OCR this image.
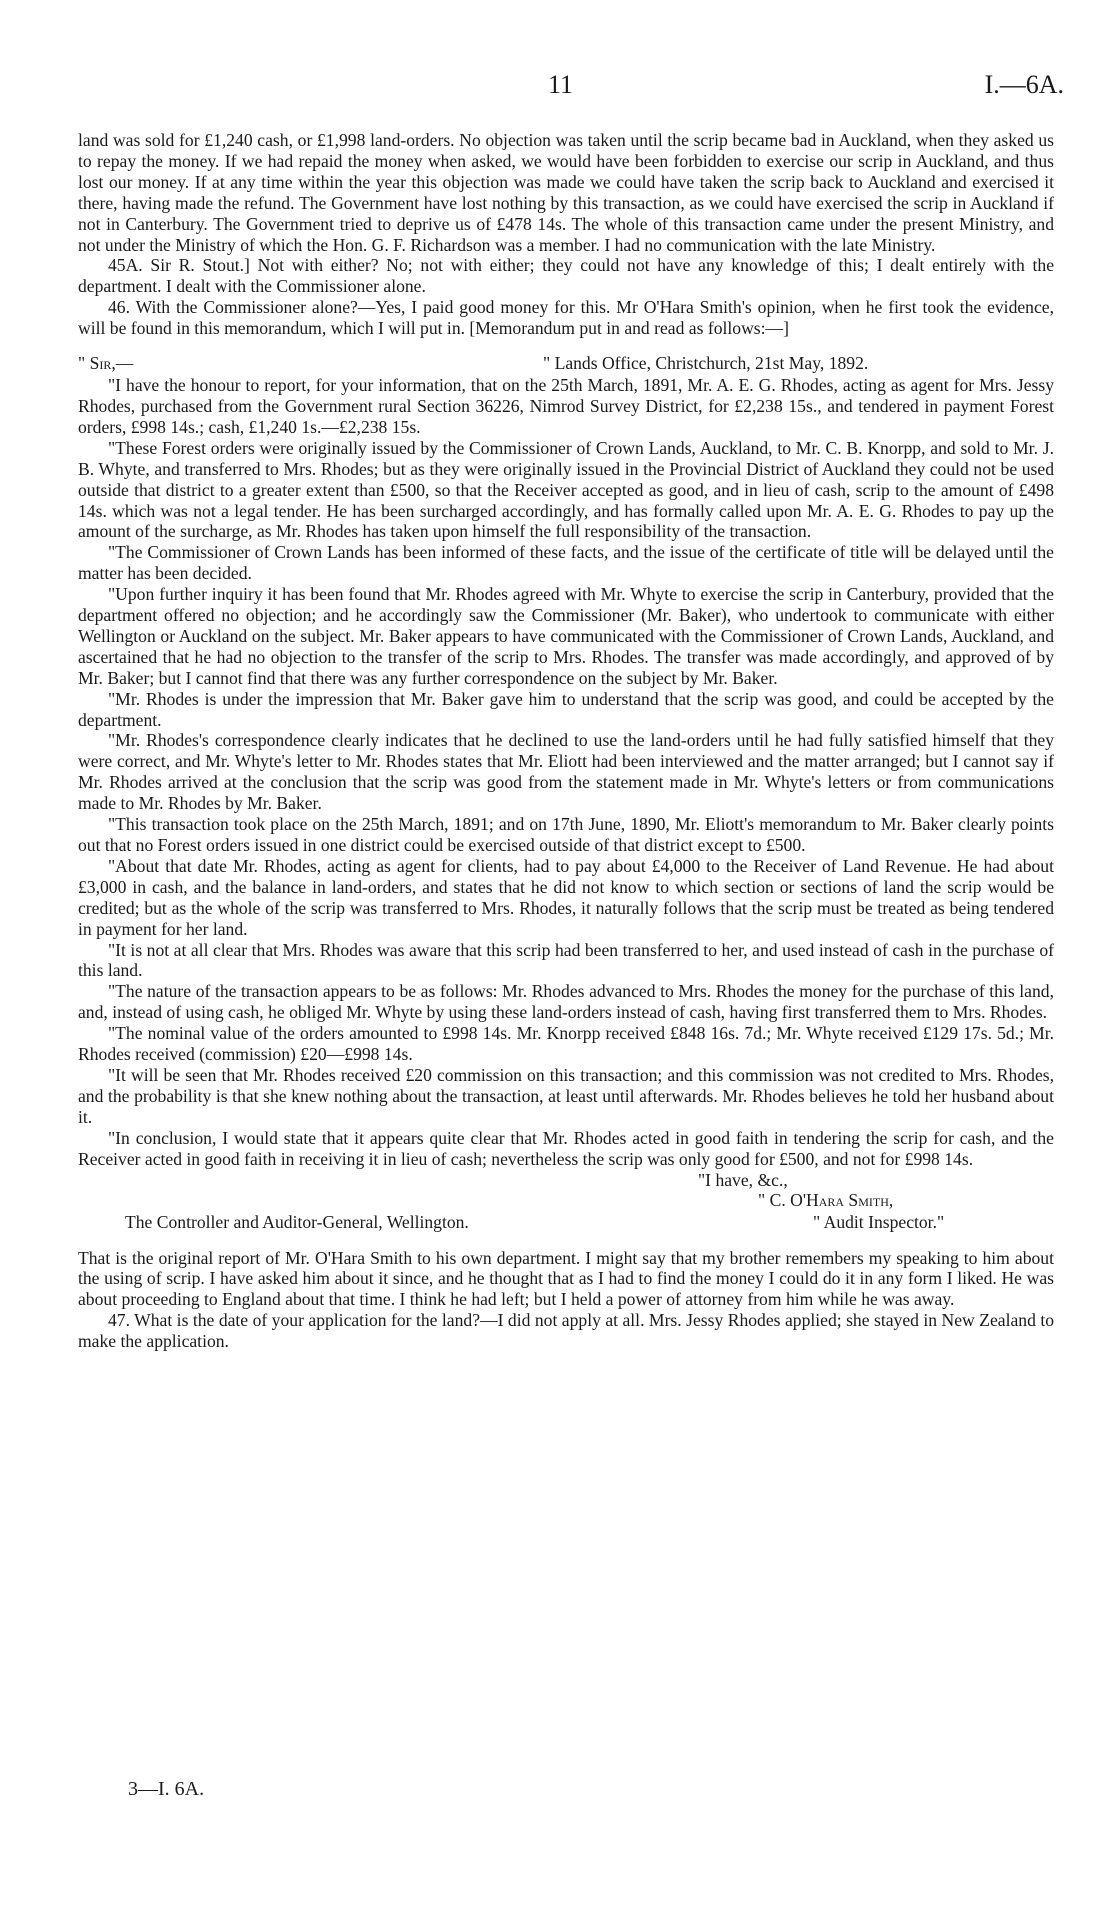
11	I.—6A.

land was sold for £1,240 cash, or £1,998 land-orders. No objection was taken until the scrip became bad in Auckland, when they asked us to repay the money. If we had repaid the money when asked, we would have been forbidden to exercise our scrip in Auckland, and thus lost our money. If at any time within the year this objection was made we could have taken the scrip back to Auckland and exercised it there, having made the refund. The Government have lost nothing by this transaction, as we could have exercised the scrip in Auckland if not in Canterbury. The Government tried to deprive us of £478 14s. The whole of this transaction came under the present Ministry, and not under the Ministry of which the Hon. G. F. Richardson was a member. I had no communication with the late Ministry.

45A. Sir R. Stout.] Not with either? No; not with either; they could not have any knowledge of this; I dealt entirely with the department. I dealt with the Commissioner alone.

46. With the Commissioner alone?—Yes, I paid good money for this. Mr O'Hara Smith's opinion, when he first took the evidence, will be found in this memorandum, which I will put in. [Memorandum put in and read as follows:—]

" Sir,—	" Lands Office, Christchurch, 21st May, 1892.

"I have the honour to report, for your information, that on the 25th March, 1891, Mr. A. E. G. Rhodes, acting as agent for Mrs. Jessy Rhodes, purchased from the Government rural Section 36226, Nimrod Survey District, for £2,238 15s., and tendered in payment Forest orders, £998 14s.; cash, £1,240 1s.—£2,238 15s.

"These Forest orders were originally issued by the Commissioner of Crown Lands, Auckland, to Mr. C. B. Knorpp, and sold to Mr. J. B. Whyte, and transferred to Mrs. Rhodes; but as they were originally issued in the Provincial District of Auckland they could not be used outside that district to a greater extent than £500, so that the Receiver accepted as good, and in lieu of cash, scrip to the amount of £498 14s. which was not a legal tender. He has been surcharged accordingly, and has formally called upon Mr. A. E. G. Rhodes to pay up the amount of the surcharge, as Mr. Rhodes has taken upon himself the full responsibility of the transaction.

"The Commissioner of Crown Lands has been informed of these facts, and the issue of the certificate of title will be delayed until the matter has been decided.

"Upon further inquiry it has been found that Mr. Rhodes agreed with Mr. Whyte to exercise the scrip in Canterbury, provided that the department offered no objection; and he accordingly saw the Commissioner (Mr. Baker), who undertook to communicate with either Wellington or Auckland on the subject. Mr. Baker appears to have communicated with the Commissioner of Crown Lands, Auckland, and ascertained that he had no objection to the transfer of the scrip to Mrs. Rhodes. The transfer was made accordingly, and approved of by Mr. Baker; but I cannot find that there was any further correspondence on the subject by Mr. Baker.

"Mr. Rhodes is under the impression that Mr. Baker gave him to understand that the scrip was good, and could be accepted by the department.

"Mr. Rhodes's correspondence clearly indicates that he declined to use the land-orders until he had fully satisfied himself that they were correct, and Mr. Whyte's letter to Mr. Rhodes states that Mr. Eliott had been interviewed and the matter arranged; but I cannot say if Mr. Rhodes arrived at the conclusion that the scrip was good from the statement made in Mr. Whyte's letters or from communications made to Mr. Rhodes by Mr. Baker.

"This transaction took place on the 25th March, 1891; and on 17th June, 1890, Mr. Eliott's memorandum to Mr. Baker clearly points out that no Forest orders issued in one district could be exercised outside of that district except to £500.

"About that date Mr. Rhodes, acting as agent for clients, had to pay about £4,000 to the Receiver of Land Revenue. He had about £3,000 in cash, and the balance in land-orders, and states that he did not know to which section or sections of land the scrip would be credited; but as the whole of the scrip was transferred to Mrs. Rhodes, it naturally follows that the scrip must be treated as being tendered in payment for her land.

"It is not at all clear that Mrs. Rhodes was aware that this scrip had been transferred to her, and used instead of cash in the purchase of this land.

"The nature of the transaction appears to be as follows: Mr. Rhodes advanced to Mrs. Rhodes the money for the purchase of this land, and, instead of using cash, he obliged Mr. Whyte by using these land-orders instead of cash, having first transferred them to Mrs. Rhodes.

"The nominal value of the orders amounted to £998 14s. Mr. Knorpp received £848 16s. 7d.; Mr. Whyte received £129 17s. 5d.; Mr. Rhodes received (commission) £20—£998 14s.

"It will be seen that Mr. Rhodes received £20 commission on this transaction; and this commission was not credited to Mrs. Rhodes, and the probability is that she knew nothing about the transaction, at least until afterwards. Mr. Rhodes believes he told her husband about it.

"In conclusion, I would state that it appears quite clear that Mr. Rhodes acted in good faith in tendering the scrip for cash, and the Receiver acted in good faith in receiving it in lieu of cash; nevertheless the scrip was only good for £500, and not for £998 14s.

"I have, &c.,
" C. O'Hara Smith,
The Controller and Auditor-General, Wellington.	" Audit Inspector."

That is the original report of Mr. O'Hara Smith to his own department. I might say that my brother remembers my speaking to him about the using of scrip. I have asked him about it since, and he thought that as I had to find the money I could do it in any form I liked. He was about proceeding to England about that time. I think he had left; but I held a power of attorney from him while he was away.

47. What is the date of your application for the land?—I did not apply at all. Mrs. Jessy Rhodes applied; she stayed in New Zealand to make the application.

3—I. 6A.
